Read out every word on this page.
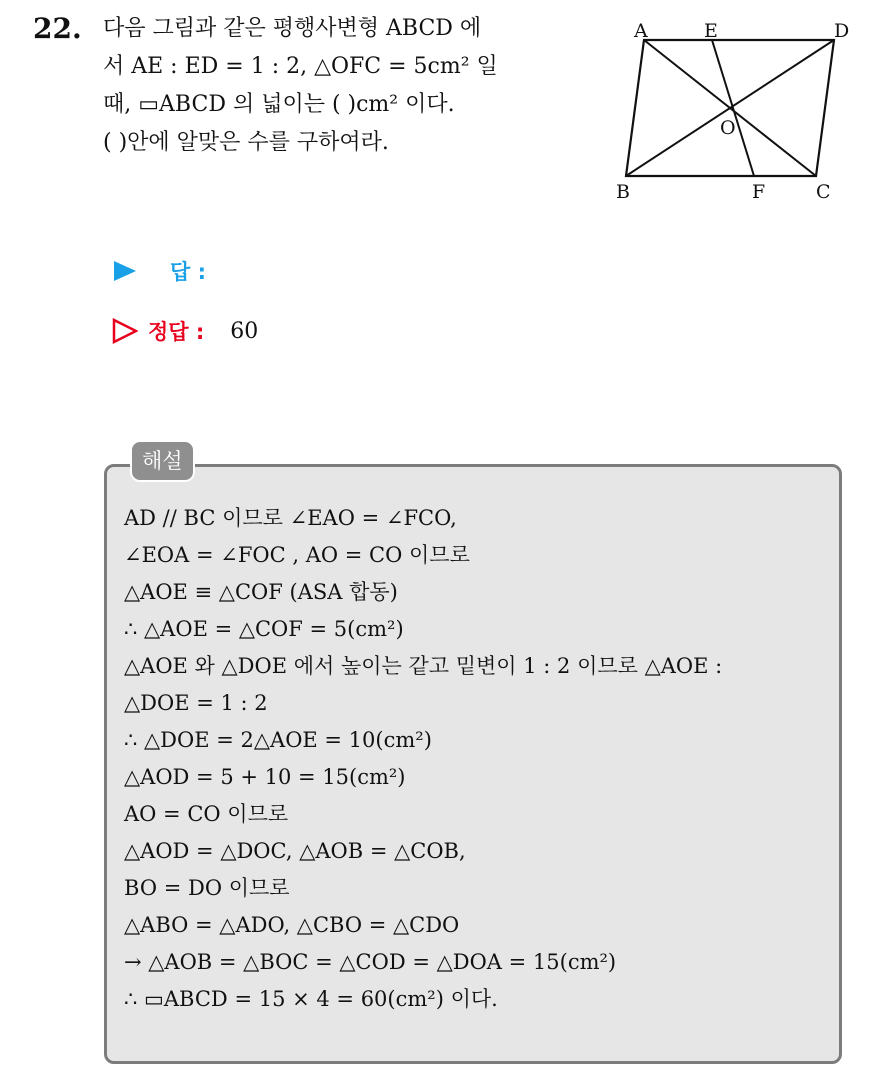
22. 다음 그림과 같은 평행사변형 ABCD 에
서 AE : ED = 1 : 2, △OFC = 5cm² 일
때, ▭ABCD 의 넓이는 ( )cm² 이다.
( )안에 알맞은 수를 구하여라.
A	E	D
O
B	F	C
답 :
정답 : 60
해설
AD // BC 이므로 ∠EAO = ∠FCO,
∠EOA = ∠FOC , AO = CO 이므로
△AOE ≡ △COF (ASA 합동)
∴ △AOE = △COF = 5(cm²)
△AOE 와 △DOE 에서 높이는 같고 밑변이 1 : 2 이므로 △AOE :
△DOE = 1 : 2
∴ △DOE = 2△AOE = 10(cm²)
△AOD = 5 + 10 = 15(cm²)
AO = CO 이므로
△AOD = △DOC, △AOB = △COB,
BO = DO 이므로
△ABO = △ADO, △CBO = △CDO
→ △AOB = △BOC = △COD = △DOA = 15(cm²)
∴ ▭ABCD = 15 × 4 = 60(cm²) 이다.
